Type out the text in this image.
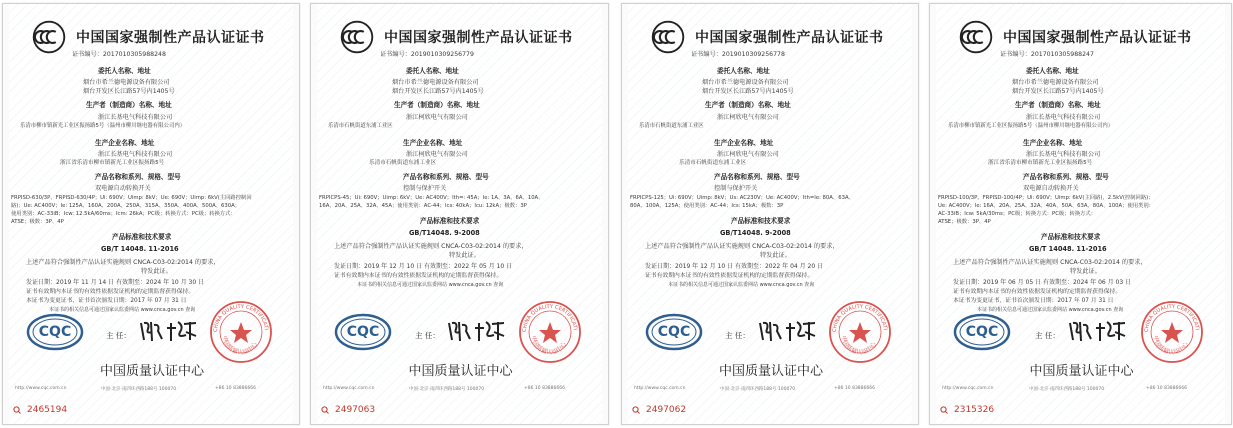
中国国家强制性产品认证证书
证书编号：2017010305988248
委托人名称、地址
烟台市希兰德电源设备有限公司
烟台开发区长江路57号内1405号
生产者（制造商）名称、地址
浙江长基电气科技有限公司
乐清市柳市镇新光工业区振扬路5号（温州市柳川继电器有限公司内）
生产企业名称、地址
浙江长基电气科技有限公司
浙江省乐清市柳市镇新光工业区振扬路5号
产品名称和系列、规格、型号
双电源自动转换开关
FRPISD-630/3P、FRPISD-630/4P；Ui: 690V；Uimp: 8kV；Ue: 690V；Uimp: 6kV(主回路控制回
路)；Ue: AC400V；Ie: 125A、160A、200A、250A、315A、350A、400A、500A、630A；
使用类别：AC-33iB；Icw: 12.5kA/60ms；Icm: 26kA；PC级；转换方式：PC级；转换方式：
ATSE；极数：3P、4P
产品标准和技术要求
GB/T 14048. 11-2016
上述产品符合强制性产品认证实施规则 CNCA-C03-02:2014 的要求，
特发此证。
发证日期：2019 年 11 月 14 日 有效期至：2024 年 10 月 30 日
证书有效期内本证书的有效性依据发证机构的定期监督获得保持。
本证书为变更证书，证书首次颁发日期：2017 年 07 月 31 日
本证书的相关信息可通过国家认监委网站 www.cnca.gov.cn 查询
CQC	主 任：
CHINA QUALITY CERTIFICATI
中国质量认证中心
中国质量认证中心
http://www.cqc.com.cn	中国·北京·南四环西路188号 100070	+86 10 83886666
2465194
中国国家强制性产品认证证书
证书编号：2019010309256779
委托人名称、地址
烟台市希兰德电源设备有限公司
烟台开发区长江路57号内1405号
生产者（制造商）名称、地址
浙江柯欣电气有限公司
乐清市石帆街道东浦工业区
生产企业名称、地址
浙江柯欣电气有限公司
乐清市石帆街道东浦工业区
产品名称和系列、规格、型号
控制与保护开关
FRPICPS-45；Ui: 690V；Uimp: 6kV；Ue: AC400V；Ith=: 45A；Ie: 1A、3A、6A、10A、
16A、20A、25A、32A、45A；使用类别：AC-44；Ics: 40kA；Icu: 12kA；极数：3P
产品标准和技术要求
GB/T14048. 9-2008
上述产品符合强制性产品认证实施规则 CNCA-C03-02:2014 的要求，
特发此证。
发证日期：2019 年 12 月 10 日 有效期至：2022 年 05 月 10 日
证书有效期内本证书的有效性依据发证机构的定期监督获得保持。
本证书的相关信息可通过国家认监委网站 www.cnca.gov.cn 查询
CQC	主 任：
CHINA QUALITY CERTIFICATI
中国质量认证中心
中国质量认证中心
http://www.cqc.com.cn	中国·北京·南四环西路188号 100070	+86 10 83886666
2497063
中国国家强制性产品认证证书
证书编号：2019010309256778
委托人名称、地址
烟台市希兰德电源设备有限公司
烟台开发区长江路57号内1405号
生产者（制造商）名称、地址
浙江柯欣电气有限公司
乐清市石帆街道东浦工业区
生产企业名称、地址
浙江柯欣电气有限公司
乐清市石帆街道东浦工业区
产品名称和系列、规格、型号
控制与保护开关
FRPICPS-125；Ui: 690V；Uimp: 8kV；Us: AC230V；Ue: AC400V；Ith=Ie: 80A、63A、
80A、100A、125A；使用类别：AC-44；Ics: 15kA；极数：3P
产品标准和技术要求
GB/T14048. 9-2008
上述产品符合强制性产品认证实施规则 CNCA-C03-02:2014 的要求，
特发此证。
发证日期：2019 年 12 月 10 日 有效期至：2022 年 04 月 20 日
证书有效期内本证书的有效性依据发证机构的定期监督获得保持。
本证书的相关信息可通过国家认监委网站 www.cnca.gov.cn 查询
CQC	主 任：
CHINA QUALITY CERTIFICATI
中国质量认证中心
中国质量认证中心
http://www.cqc.com.cn	中国·北京·南四环西路188号 100070	+86 10 83886666
2497062
中国国家强制性产品认证证书
证书编号：2017010305988247
委托人名称、地址
烟台市希兰德电源设备有限公司
烟台开发区长江路57号内1405号
生产者（制造商）名称、地址
浙江长基电气科技有限公司
乐清市柳市镇新光工业区振扬路5号（温州市柳川继电器有限公司内）
生产企业名称、地址
浙江长基电气科技有限公司
浙江省乐清市柳市镇新光工业区振扬路5号
产品名称和系列、规格、型号
双电源自动转换开关
FRPISD-100/3P、FRPISD-100/4P；Ui: 690V；Uimp: 6kV(主回路)，2.5kV(控制回路)；
Ue: AC400V；Ie: 16A、20A、25A、32A、40A、50A、63A、80A、100A；使用类别：
AC-33iB；Icw: 5kA/30ms；PC级；转换方式：PC级；转换方式：
ATSE；极数：3P、4P
产品标准和技术要求
GB/T 14048. 11-2016
上述产品符合强制性产品认证实施规则 CNCA-C03-02:2014 的要求，
特发此证。
发证日期：2019 年 06 月 05 日 有效期至：2024 年 06 月 03 日
证书有效期内本证书的有效性依据发证机构的定期监督获得保持。
本证书为变更证书，证书首次颁发日期：2017 年 07 月 31 日
本证书的相关信息可通过国家认监委网站 www.cnca.gov.cn 查询
CQC	主 任：
CHINA QUALITY CERTIFICATI
中国质量认证中心
中国质量认证中心
http://www.cqc.com.cn	中国·北京·南四环西路188号 100070	+86 10 83886666
2315326
